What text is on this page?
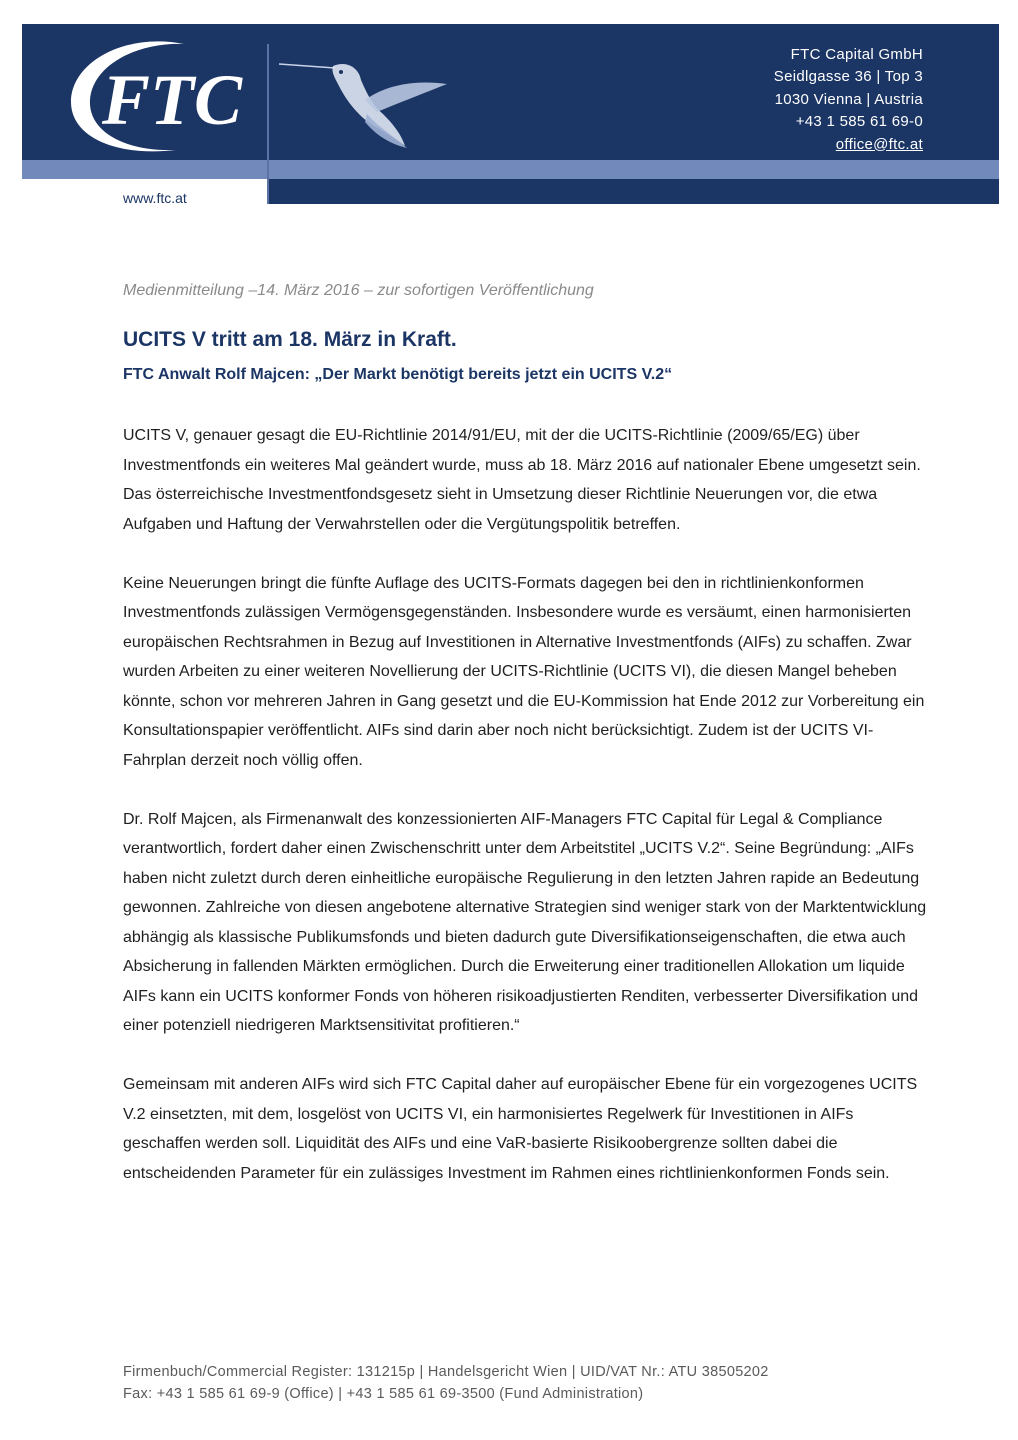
FTC
FTC Capital GmbH
Seidlgasse 36 | Top 3
1030 Vienna | Austria
+43 1 585 61 69-0
office@ftc.at
www.ftc.at
Medienmitteilung –14. März 2016 – zur sofortigen Veröffentlichung
UCITS V tritt am 18. März in Kraft.
FTC Anwalt Rolf Majcen: „Der Markt benötigt bereits jetzt ein UCITS V.2“

UCITS V, genauer gesagt die EU-Richtlinie 2014/91/EU, mit der die UCITS-Richtlinie (2009/65/EG) über Investmentfonds ein weiteres Mal geändert wurde, muss ab 18. März 2016 auf nationaler Ebene umgesetzt sein. Das österreichische Investmentfondsgesetz sieht in Umsetzung dieser Richtlinie Neuerungen vor, die etwa Aufgaben und Haftung der Verwahrstellen oder die Vergütungspolitik betreffen.

Keine Neuerungen bringt die fünfte Auflage des UCITS-Formats dagegen bei den in richtlinienkonformen Investmentfonds zulässigen Vermögensgegenständen. Insbesondere wurde es versäumt, einen harmonisierten europäischen Rechtsrahmen in Bezug auf Investitionen in Alternative Investmentfonds (AIFs) zu schaffen. Zwar wurden Arbeiten zu einer weiteren Novellierung der UCITS-Richtlinie (UCITS VI), die diesen Mangel beheben könnte, schon vor mehreren Jahren in Gang gesetzt und die EU-Kommission hat Ende 2012 zur Vorbereitung ein Konsultationspapier veröffentlicht. AIFs sind darin aber noch nicht berücksichtigt. Zudem ist der UCITS VI-Fahrplan derzeit noch völlig offen.

Dr. Rolf Majcen, als Firmenanwalt des konzessionierten AIF-Managers FTC Capital für Legal & Compliance verantwortlich, fordert daher einen Zwischenschritt unter dem Arbeitstitel „UCITS V.2“. Seine Begründung: „AIFs haben nicht zuletzt durch deren einheitliche europäische Regulierung in den letzten Jahren rapide an Bedeutung gewonnen. Zahlreiche von diesen angebotene alternative Strategien sind weniger stark von der Marktentwicklung abhängig als klassische Publikumsfonds und bieten dadurch gute Diversifikationseigenschaften, die etwa auch Absicherung in fallenden Märkten ermöglichen. Durch die Erweiterung einer traditionellen Allokation um liquide AIFs kann ein UCITS konformer Fonds von höheren risikoadjustierten Renditen, verbesserter Diversifikation und einer potenziell niedrigeren Marktsensitivitat profitieren.“

Gemeinsam mit anderen AIFs wird sich FTC Capital daher auf europäischer Ebene für ein vorgezogenes UCITS V.2 einsetzten, mit dem, losgelöst von UCITS VI, ein harmonisiertes Regelwerk für Investitionen in AIFs geschaffen werden soll. Liquidität des AIFs und eine VaR-basierte Risikoobergrenze sollten dabei die entscheidenden Parameter für ein zulässiges Investment im Rahmen eines richtlinienkonformen Fonds sein.

Firmenbuch/Commercial Register: 131215p | Handelsgericht Wien | UID/VAT Nr.: ATU 38505202
Fax: +43 1 585 61 69-9 (Office) | +43 1 585 61 69-3500 (Fund Administration)
